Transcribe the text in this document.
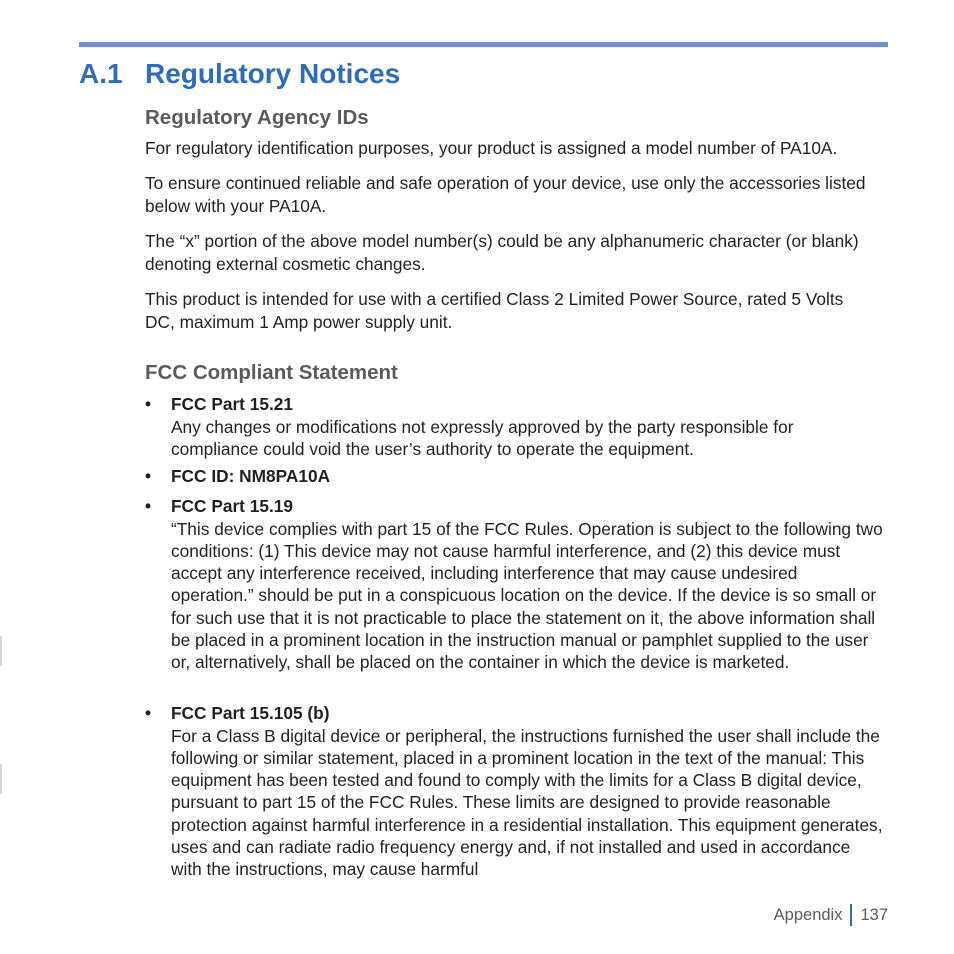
A.1 Regulatory Notices
Regulatory Agency IDs

For regulatory identification purposes, your product is assigned a model number of PA10A.

To ensure continued reliable and safe operation of your device, use only the accessories listed below with your PA10A.

The “x” portion of the above model number(s) could be any alphanumeric character (or blank) denoting external cosmetic changes.

This product is intended for use with a certified Class 2 Limited Power Source, rated 5 Volts DC, maximum 1 Amp power supply unit.

FCC Compliant Statement
• FCC Part 15.21

Any changes or modifications not expressly approved by the party responsible for compliance could void the user’s authority to operate the equipment.

• FCC ID: NM8PA10A
• FCC Part 15.19

“This device complies with part 15 of the FCC Rules. Operation is subject to the following two conditions: (1) This device may not cause harmful interference, and (2) this device must accept any interference received, including interference that may cause undesired operation.” should be put in a conspicuous location on the device. If the device is so small or for such use that it is not practicable to place the statement on it, the above information shall be placed in a prominent location in the instruction manual or pamphlet supplied to the user or, alternatively, shall be placed on the container in which the device is marketed.

• FCC Part 15.105 (b)

For a Class B digital device or peripheral, the instructions furnished the user shall include the following or similar statement, placed in a prominent location in the text of the manual: This equipment has been tested and found to comply with the limits for a Class B digital device, pursuant to part 15 of the FCC Rules. These limits are designed to provide reasonable protection against harmful interference in a residential installation. This equipment generates, uses and can radiate radio frequency energy and, if not installed and used in accordance with the instructions, may cause harmful

Appendix 137
